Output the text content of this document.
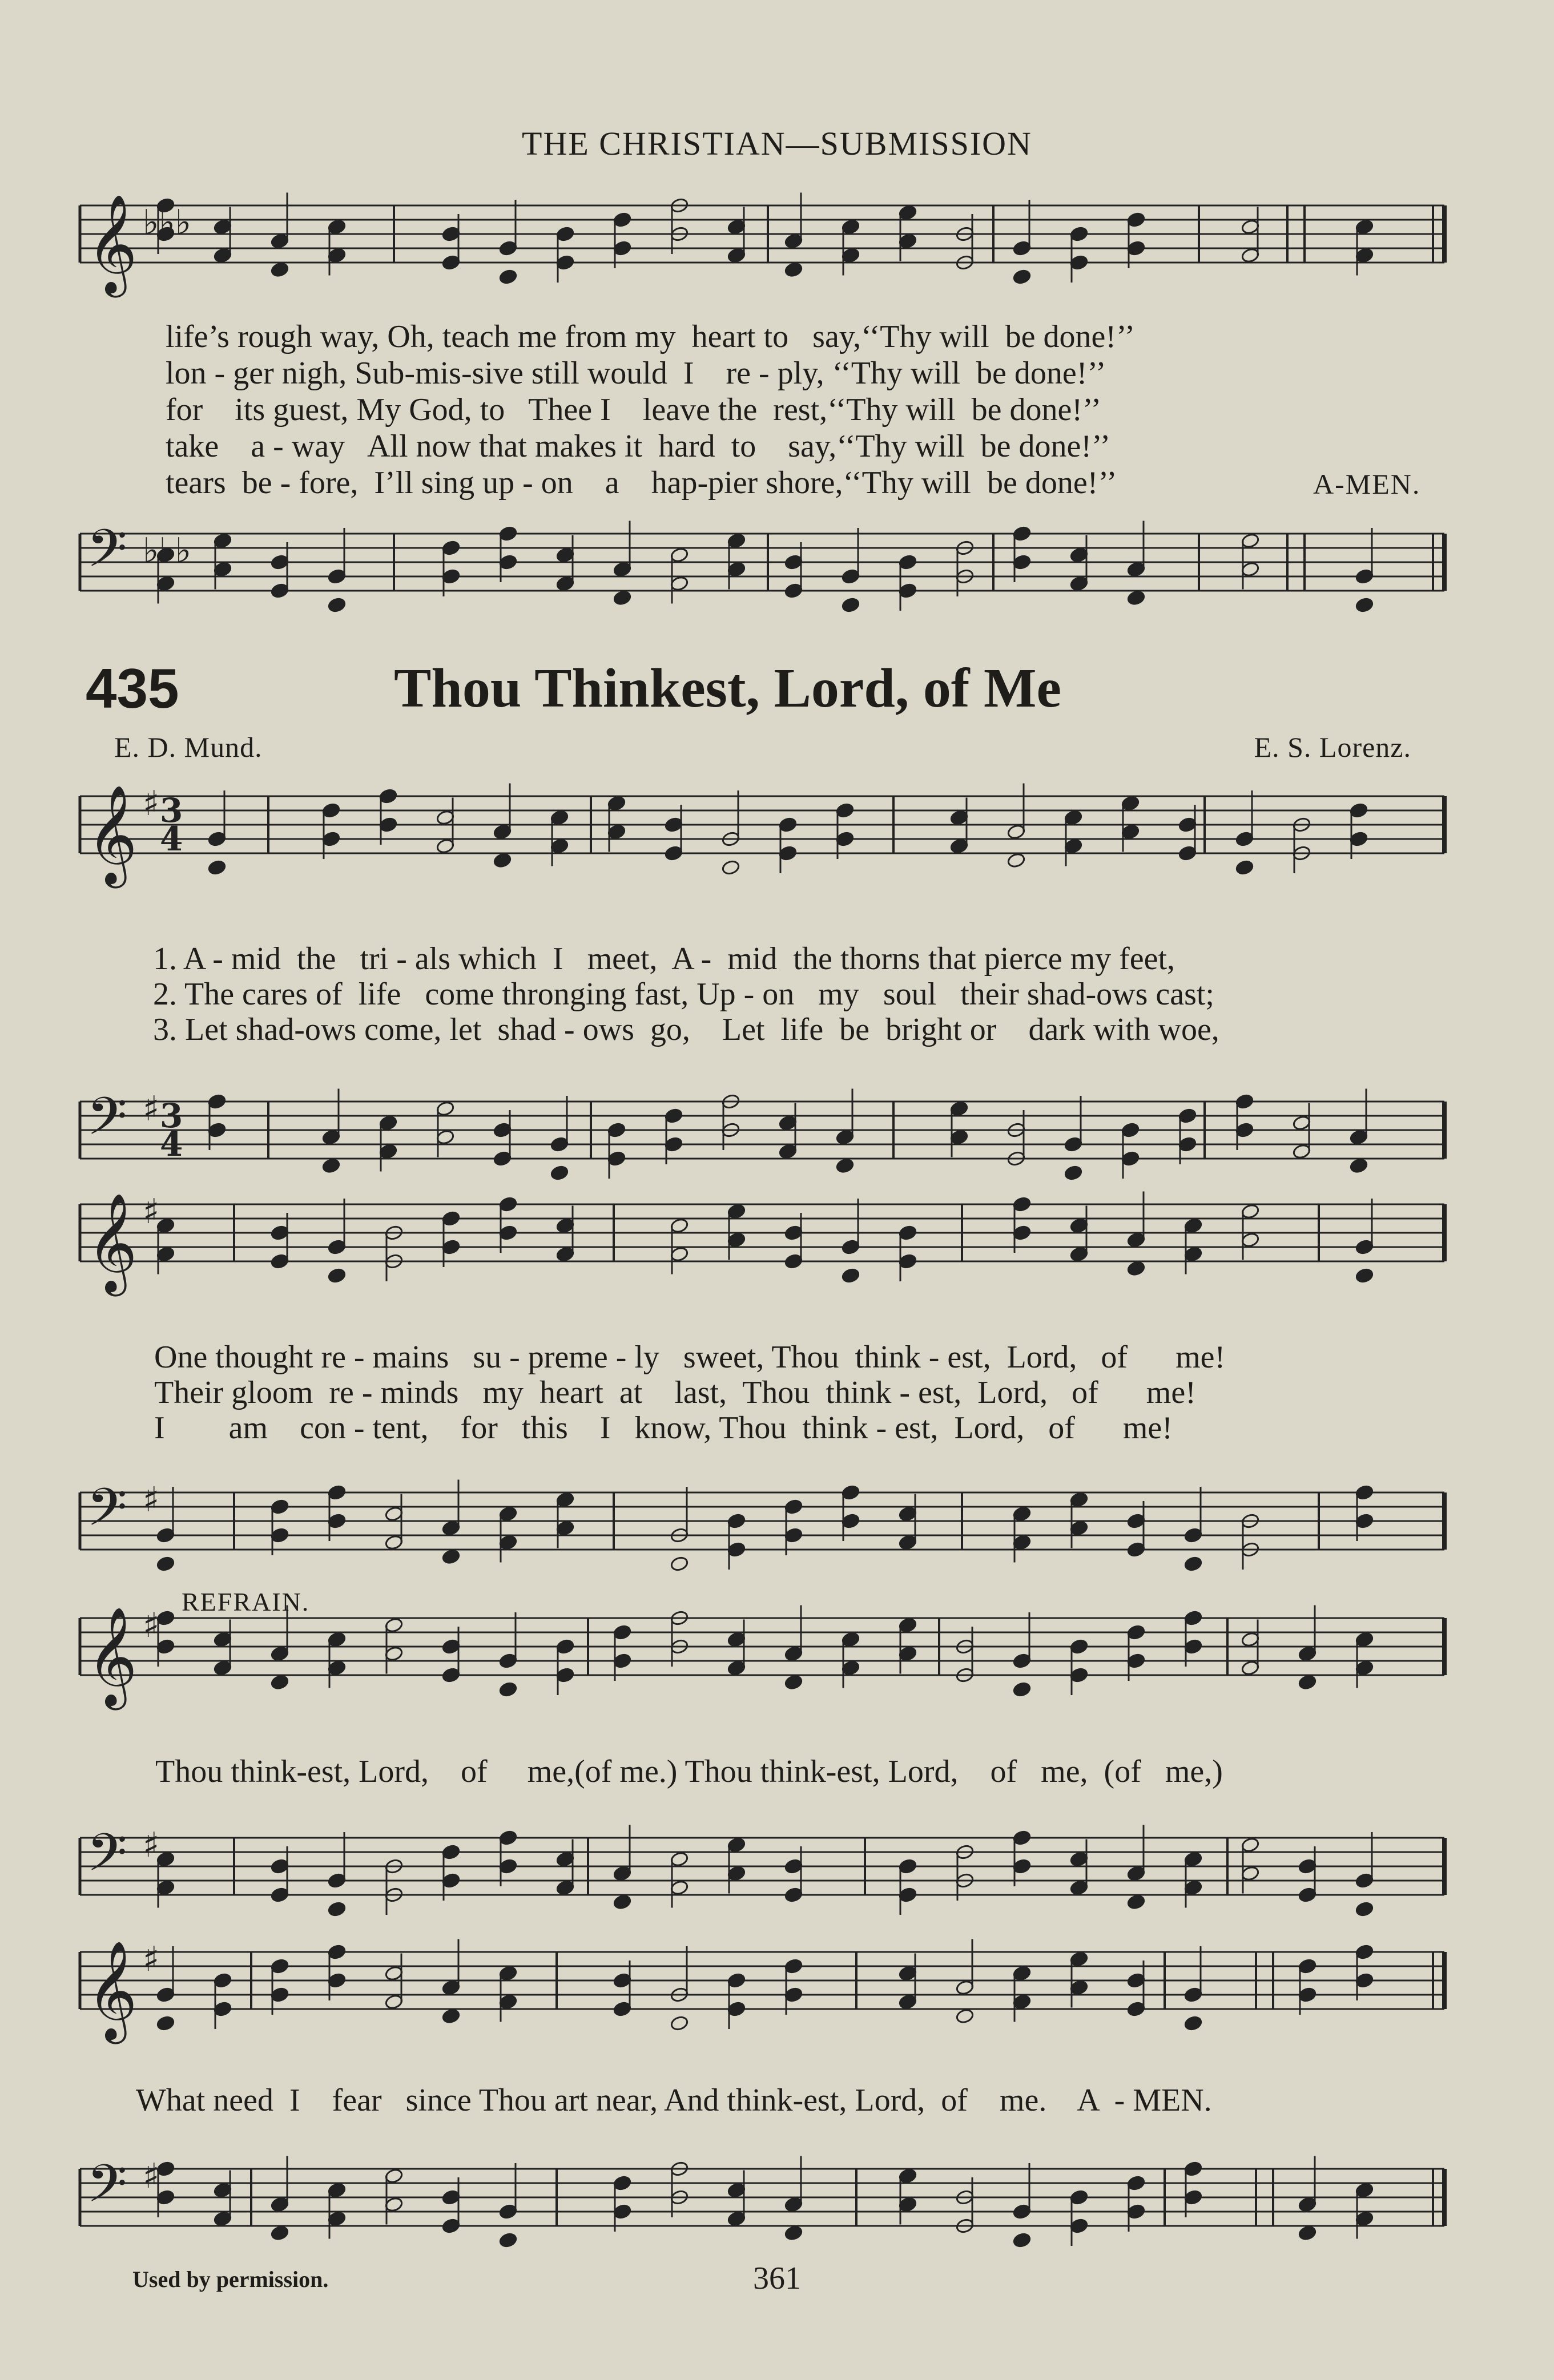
THE CHRISTIAN—SUBMISSION
𝄞 ♭♭♭
𝄢 ♭♭♭
𝄞 ♯
𝄢 ♯
𝄞 ♯
𝄢 ♯
𝄞 ♯
𝄢 ♯
𝄞 ♯
𝄢 ♯
3
4
3
4
life’s rough way, Oh, teach me from my  heart to   say,‘‘Thy will  be done!’’
lon - ger nigh, Sub-mis-sive still would  I    re - ply, ‘‘Thy will  be done!’’
for    its guest, My God, to   Thee I    leave the  rest,‘‘Thy will  be done!’’
take    a - way   All now that makes it  hard  to    say,‘‘Thy will  be done!’’
tears  be - fore,  I’ll sing up - on    a    hap-pier shore,‘‘Thy will  be done!’’	A-MEN.
435	Thou Thinkest, Lord, of Me
E. D. Mund.	E. S. Lorenz.
1. A - mid  the   tri - als which  I   meet,  A -  mid  the thorns that pierce my feet,
2. The cares of  life   come thronging fast, Up - on   my   soul   their shad-ows cast;
3. Let shad-ows come, let  shad - ows  go,    Let  life  be  bright or    dark with woe,
One thought re - mains   su - preme - ly   sweet, Thou  think - est,  Lord,   of      me!
Their gloom  re - minds   my  heart  at    last,  Thou  think - est,  Lord,   of      me!
I        am    con - tent,    for   this    I   know, Thou  think - est,  Lord,   of      me!
REFRAIN.
Thou think-est, Lord,    of     me,(of me.) Thou think-est, Lord,    of   me,  (of   me,)
What need  I    fear   since Thou art near, And think-est, Lord,  of    me.    A  - MEN.
Used by permission.	361
